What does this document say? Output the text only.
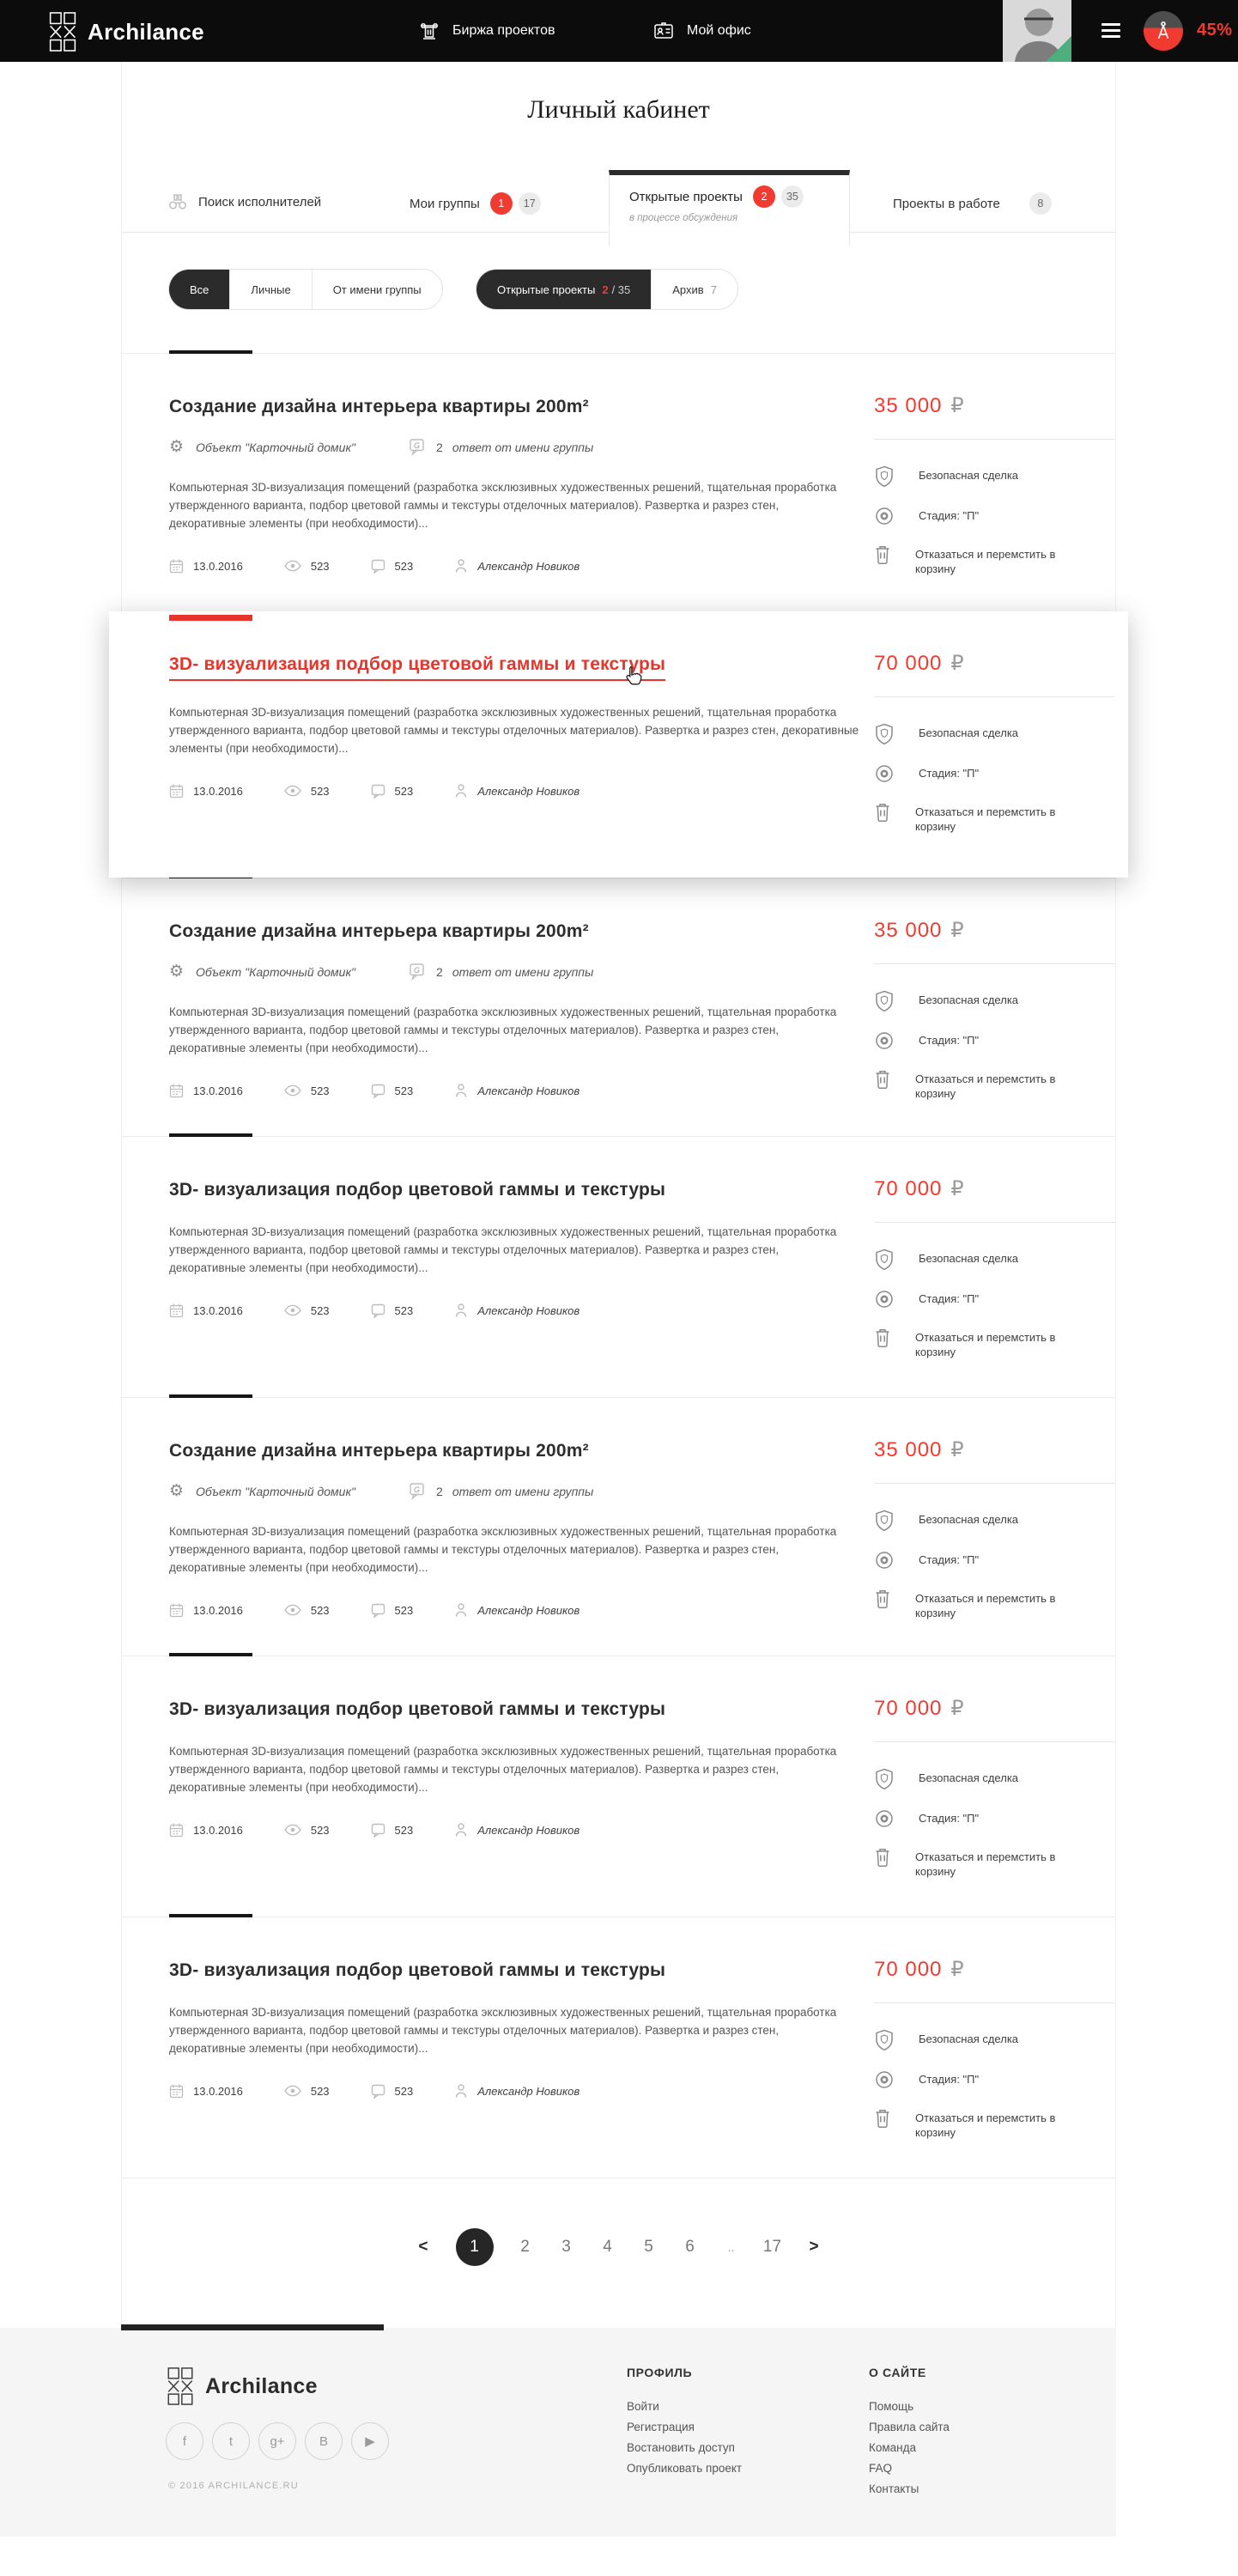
Archilance	Биржа проектов	Мой офис	45%
Личный кабинет
Поиск исполнителей	Мои группы	1	17	Открытые проекты	2	35
в процессе обсуждения
Проекты в работе	8
Все	Личные	От имени группы	Открытые проекты 2 / 35	Архив 7
Создание дизайна интерьера квартиры 200m²
⚙ Объект "Карточный домик"	G 2 ответ от имени группы
Компьютерная 3D-визуализация помещений (разработка эксклюзивных художественных решений, тщательная проработка утвержденного варианта, подбор цветовой гаммы и текстуры отделочных материалов). Развертка и разрез стен, декоративные элементы (при необходимости)...
13.0.2016	523	523	Александр Новиков
35 000 ₽
Безопасная сделка
Стадия: "П"
Отказаться и перемстить в корзину
3D- визуализация подбор цветовой гаммы и текстуры
Компьютерная 3D-визуализация помещений (разработка эксклюзивных художественных решений, тщательная проработка утвержденного варианта, подбор цветовой гаммы и текстуры отделочных материалов). Развертка и разрез стен, декоративные элементы (при необходимости)...
13.0.2016	523	523	Александр Новиков
70 000 ₽
Безопасная сделка
Стадия: "П"
Отказаться и перемстить в корзину
Создание дизайна интерьера квартиры 200m²
⚙ Объект "Карточный домик"	G 2 ответ от имени группы
Компьютерная 3D-визуализация помещений (разработка эксклюзивных художественных решений, тщательная проработка утвержденного варианта, подбор цветовой гаммы и текстуры отделочных материалов). Развертка и разрез стен, декоративные элементы (при необходимости)...
13.0.2016	523	523	Александр Новиков
35 000 ₽
Безопасная сделка
Стадия: "П"
Отказаться и перемстить в корзину
3D- визуализация подбор цветовой гаммы и текстуры
Компьютерная 3D-визуализация помещений (разработка эксклюзивных художественных решений, тщательная проработка утвержденного варианта, подбор цветовой гаммы и текстуры отделочных материалов). Развертка и разрез стен, декоративные элементы (при необходимости)...
13.0.2016	523	523	Александр Новиков
70 000 ₽
Безопасная сделка
Стадия: "П"
Отказаться и перемстить в корзину
Создание дизайна интерьера квартиры 200m²
⚙ Объект "Карточный домик"	G 2 ответ от имени группы
Компьютерная 3D-визуализация помещений (разработка эксклюзивных художественных решений, тщательная проработка утвержденного варианта, подбор цветовой гаммы и текстуры отделочных материалов). Развертка и разрез стен, декоративные элементы (при необходимости)...
13.0.2016	523	523	Александр Новиков
35 000 ₽
Безопасная сделка
Стадия: "П"
Отказаться и перемстить в корзину
3D- визуализация подбор цветовой гаммы и текстуры
Компьютерная 3D-визуализация помещений (разработка эксклюзивных художественных решений, тщательная проработка утвержденного варианта, подбор цветовой гаммы и текстуры отделочных материалов). Развертка и разрез стен, декоративные элементы (при необходимости)...
13.0.2016	523	523	Александр Новиков
70 000 ₽
Безопасная сделка
Стадия: "П"
Отказаться и перемстить в корзину
3D- визуализация подбор цветовой гаммы и текстуры
Компьютерная 3D-визуализация помещений (разработка эксклюзивных художественных решений, тщательная проработка утвержденного варианта, подбор цветовой гаммы и текстуры отделочных материалов). Развертка и разрез стен, декоративные элементы (при необходимости)...
13.0.2016	523	523	Александр Новиков
70 000 ₽
Безопасная сделка
Стадия: "П"
Отказаться и перемстить в корзину
<	1	2	3	4	5	6	..	17	>
Archilance
f	t	g+	B	▶
© 2016 ARCHILANCE.RU
ПРОФИЛЬ
Войти
Регистрация
Востановить доступ
Опубликовать проект
О САЙТЕ
Помощь
Правила сайта
Команда
FAQ
Контакты
